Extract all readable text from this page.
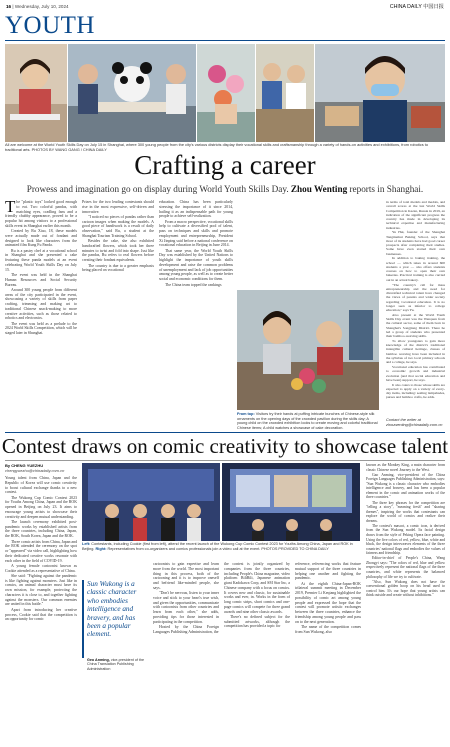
16 | Wednesday, July 10, 2024	CHINA DAILY 中国日报
YOUTH
All are welcome at the World Youth Skills Day on July 15 in Shanghai, where 300 young people from the city's various districts display their vocational skills and craftsmanship through a variety of hands-on activities and exhibitions, from robotics to traditional arts. PHOTOS BY WANG GANG / CHINA DAILY
Crafting a career
Prowess and imagination go on display during World Youth Skills Day. Zhou Wenting reports in Shanghai.

The "plastic toys" looked good enough to eat. Two colorful pandas, with matching eyes, cradling fans and a friendly chubby appearance, proved to be a popular hit among visitors to a professional skills event in Shanghai earlier this month.

Created by Ru Xiao, 18, these models were actually made out of fondant and designed to look like characters from the animated film Kung Fu Panda.

Ru is a pastry chef at a vocational school in Shanghai and she presented a cake featuring these panda models at an event celebrating World Youth Skills Day on July 15.

The event was held in the Shanghai Human Resources and Social Security Bureau.

Around 300 young people from different areas of the city participated in the event, showcasing a variety of skills from paper crafting, trimming and making art to traditional Chinese snack-making to more creative activities, such as those related to robotics and electronics.

The event was held as a prelude to the 2024 World Skills Competition, which will be staged later in Shanghai.

Prizes for the two leading contestants should rise in the most expressive, self-driven and innovative.

"I noticed no pieces of pandas rather than cartoon images when making the models. A good piece of handiwork is a result of daily observation," said Ru, a student at the Shanghai Tourism Training School.

Besides the cake, she also exhibited handcrafted flowers, which took her three minutes to twist and fold into shape. Just like the pandas, Ru refers to real flowers before creating their fondant equivalents.

The country is due to a greater emphasis being placed on vocational

education. China has been particularly stressing the importance of it since 2014, hailing it as an indispensable path for young people to achieve self-realization.

From a macro perspective, vocational skills help to cultivate a diversified pool of talent, pass on techniques and skills and promote employment and entrepreneurship, President Xi Jinping said before a national conference on vocational education in Beijing in June 2014.

That same year, the World Youth Skills Day was established by the United Nations to highlight the importance of youth skills development and raise the common problems of unemployment and lack of job opportunities among young people, as well as to create better social and economic conditions for them.

The China team topped the rankings

From top: Visitors try their hands at puffing intricate bunches of Chinese-style silk ornaments on the opening days of the crowded pavilion during the skills day; A young child on the crowded exhibition looks to create moving and colorful traditional Chinese items; A child watches a showcase of cake decoration.

in terms of total medals and medals, and overall scores at the last World Skills Competition in Kazan, Russia in 2019, an indication of the significant progress the country has made in developing its technical expertise and manufacturing industries.

Yu Hui, founder of the Shanghai Tangtianhui Baking School, says that most of its students have had good career prospects after completing their studies. Some have even started their own businesses.

In addition to baking training, the school — which takes in around 600 students a year — also offers students courses on how to open their own bakeries. Practical training is also carried out in an actual bakery.

"The country's call for mass entrepreneurship and the need for diversified technical talent have changed the views of parents and wider society regarding vocational education. It is no longer seen as inferior to college education," says Yu.

Also present at the World Youth Skills Day event was the Wenquan from the cultural sector, some of them born in Shanghai's Songjiang District. There he led a group of students who presented their bamboo-weaving skills.

To allow youngsters to gain more knowledge of the district's traditional intangible cultural heritage, classes of bamboo weaving have been included in the syllabus of two local primary schools and a college, he says.

Vocational education has contributed to economic growth and industrial evolution (and that social education and have been) support, he says.

It also caters to those whose skills are expected to apply on a variety of every-day items, including: sealing lampshades, purses and bamboo crafts, he adds.

Contact the writer at
zhouwenting@chinadaily.com.cn
Contest draws on comic creativity to showcase talent
By CHENG YUEZHU
chengyuezhu@chinadaily.com.cn

Young talent from China, Japan and the Republic of Korea will use comic creativity to boost cultural exchange thanks to a new contest.

The Wukong Cup Comic Contest 2023 for Youths Among China, Japan and the ROK opened in Beijing on July 23. It aims to encourage young artists to showcase their creativity and deepen mutual understanding.

The launch ceremony exhibited post-pandemic works by established artists from the three countries, including China, Japan, the ROK, South Korea, Japan and the ROK.

Three comic artists from China, Japan and the ROK attended the ceremony on the spot or "appeared" via video call, highlighting how their dedicated creative works resonate with each other in the field of COVID-19.

A young female cartoonist known as Cookie attended as a representative of China.

She said: "Fighting against the pandemic is like fighting against monsters. Just like in comics, an animal character must have its own mission, for example, protecting the characters it is close to, and together fighting against the monsters. Our common enemies are united in this battle."

Apart from introducing her creative process, Cookie said that the competition is an opportunity for comic

Left: Contestants, including Cookie (first from left), attend the recent launch of the Wukong Cup Comic Contest 2023 for Youths Among China, Japan and ROK in Beijing. Right: Representatives from co-organizers and comics professionals join a video call at the event. PHOTOS PROVIDED TO CHINA DAILY
Sun Wukong is a classic character who embodies intelligence and bravery, and has been a popular element.
Geo Anming, vice-president of the China Translation Publishing Administration

cartoonists to gain expertise and learn more from the world. The most important thing in this process, both of the cartooning and it is to improve oneself and befriend like-minded people, she says.

"Don't be nervous, listen to your inner voice and stick to your heart's true wish, and given the opportunities, communicate with cartoonists from other countries and learn from each other," she adds, providing tips for those interested in participating in the competition.

Hosted by the China Foreign Languages Publishing Administration, the

the contest is jointly organized by companies from the three countries, including People's China magazine, video platform BiliBili, Japanese animation giant Kadokawa Corp, and SM Star Inc, a Chinese company with a focus on comics. It covers new and classic, for sustainable works and ever, in. Works in the form of long comic strips, short comics and one-page comics will compete for three grand awards and nine other classic awards.

There's no defined subject for the submitted artworks, although the competition has provided a topic for

reference, referencing works that feature mutual support of the three countries in helping one another and fighting the pandemic.

At the eighth China-Japan-ROK trilateral summit meeting in December 2019, Premier Li Keqiang highlighted the possibility of comic art among young people and expressed the hope that the contest will promote artistic exchanges between the three countries, enhance the friendship among young people and pass on to the next generation.

The name of the competition comes from Sun Wukong, also

known as the Monkey King, a main character from classic Chinese novel Journey to the West.

Gao Anming, vice-president of the China Foreign Languages Publishing Administration, says: "Sun Wukong is a classic character who embodies intelligence and bravery, and has been a popular element in the comic and animation works of the three countries."

The three key phrases for the competition are "telling a story", "meaning fresh" and "sharing themes", inspiring the works that contestants can explore the world of comics and realize their dreams.

The contest's mascot, a comic icon, is derived from the Sun Wukong model. Its facial design draws from the style of Peking Opera face painting. Using the five colors of red, yellow, blue, white and black, the design interweaves elements of the three countries' national flags and embodies the values of fairness and friendship.

Editor-in-chief of People's China, Wang Zhongyi says: "The colors of red, blue and yellow respectively represent the national flags of the three countries, and white represents the balanced philosophy of life we try to cultivate.

"Also, Sun Wukong does not have the conventional golden hoop on his head used to control him. It's our hope that young artists can think outside and create without inhibitions."
